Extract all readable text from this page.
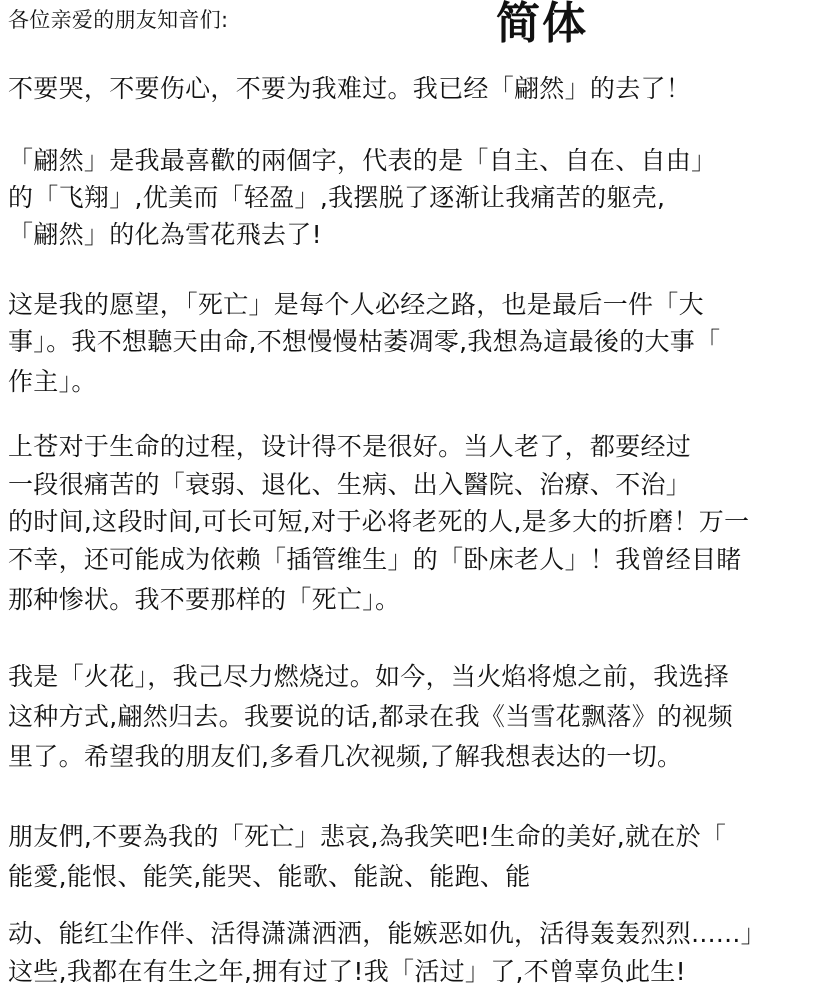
简体
各位亲爱的朋友知音们:
不要哭，不要伤心，不要为我难过。我已经「翩然」的去了！
「翩然」是我最喜歡的兩個字，代表的是「自主、自在、自由」
的「飞翔」,优美而「轻盈」,我摆脱了逐渐让我痛苦的躯壳,
「翩然」的化為雪花飛去了!
这是我的愿望，「死亡」是每个人必经之路，也是最后一件「大
事」。我不想聽天由命,不想慢慢枯萎凋零,我想為這最後的大事「
作主」。
上苍对于生命的过程，设计得不是很好。当人老了，都要经过
一段很痛苦的「衰弱、退化、生病、出入醫院、治療、不治」
的时间,这段时间,可长可短,对于必将老死的人,是多大的折磨！万一
不幸，还可能成为依赖「插管维生」的「卧床老人」！我曾经目睹
那种惨状。我不要那样的「死亡」。
我是「火花」，我己尽力燃烧过。如今，当火焰将熄之前，我选择
这种方式,翩然归去。我要说的话,都录在我《当雪花飘落》的视频
里了。希望我的朋友们,多看几次视频,了解我想表达的一切。
朋友們,不要為我的「死亡」悲哀,為我笑吧!生命的美好,就在於「
能愛,能恨、能笑,能哭、能歌、能說、能跑、能
动、能红尘作伴、活得潇潇洒洒，能嫉恶如仇，活得轰轰烈烈......」
这些,我都在有生之年,拥有过了!我「活过」了,不曾辜负此生!
